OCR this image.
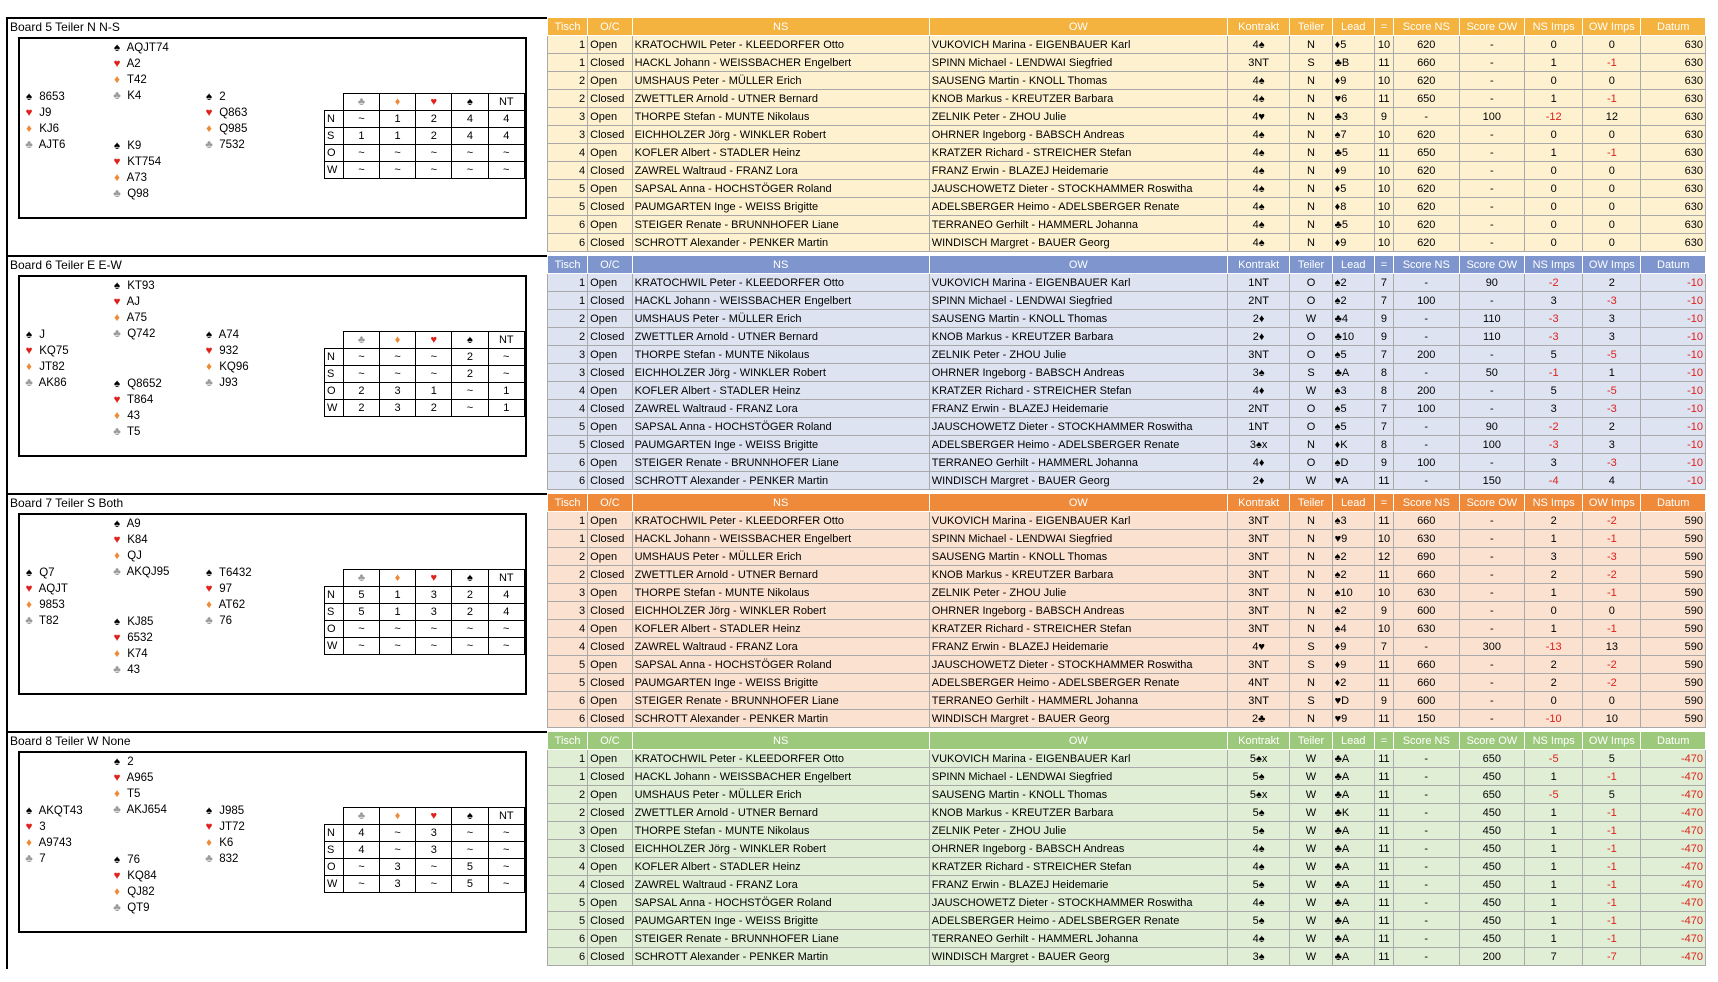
Board 5 Teiler N N-S
♠ AQJT74
♥ A2
♦ T42
♣ K4
♠ 8653
♥ J9
♦ KJ6
♣ AJT6
♠ 2
♥ Q863
♦ Q985
♣ 7532
♠ K9
♥ KT754
♦ A73
♣ Q98
	♣	♦	♥	♠	NT
N	~	1	2	4	4
S	1	1	2	4	4
O	~	~	~	~	~
W	~	~	~	~	~
Tisch	O/C	NS	OW	Kontrakt	Teiler	Lead	=	Score NS	Score OW	NS Imps	OW Imps	Datum
1	Open	KRATOCHWIL Peter - KLEEDORFER Otto	VUKOVICH Marina - EIGENBAUER Karl	4♠	N	♦5	10	620	-	0	0	630
1	Closed	HACKL Johann - WEISSBACHER Engelbert	SPINN Michael - LENDWAI Siegfried	3NT	S	♣B	11	660	-	1	-1	630
2	Open	UMSHAUS Peter - MÜLLER Erich	SAUSENG Martin - KNOLL Thomas	4♠	N	♦9	10	620	-	0	0	630
2	Closed	ZWETTLER Arnold - UTNER Bernard	KNOB Markus - KREUTZER Barbara	4♠	N	♥6	11	650	-	1	-1	630
3	Open	THORPE Stefan - MUNTE Nikolaus	ZELNIK Peter - ZHOU Julie	4♥	N	♣3	9	-	100	-12	12	630
3	Closed	EICHHOLZER Jörg - WINKLER Robert	OHRNER Ingeborg - BABSCH Andreas	4♠	N	♠7	10	620	-	0	0	630
4	Open	KOFLER Albert - STADLER Heinz	KRATZER Richard - STREICHER Stefan	4♠	N	♣5	11	650	-	1	-1	630
4	Closed	ZAWREL Waltraud - FRANZ Lora	FRANZ Erwin - BLAZEJ Heidemarie	4♠	N	♦9	10	620	-	0	0	630
5	Open	SAPSAL Anna - HOCHSTÖGER Roland	JAUSCHOWETZ Dieter - STOCKHAMMER Roswitha	4♠	N	♦5	10	620	-	0	0	630
5	Closed	PAUMGARTEN Inge - WEISS Brigitte	ADELSBERGER Heimo - ADELSBERGER Renate	4♠	N	♦8	10	620	-	0	0	630
6	Open	STEIGER Renate - BRUNNHOFER Liane	TERRANEO Gerhilt - HAMMERL Johanna	4♠	N	♣5	10	620	-	0	0	630
6	Closed	SCHROTT Alexander - PENKER Martin	WINDISCH Margret - BAUER Georg	4♠	N	♦9	10	620	-	0	0	630
Board 6 Teiler E E-W
♠ KT93
♥ AJ
♦ A75
♣ Q742
♠ J
♥ KQ75
♦ JT82
♣ AK86
♠ A74
♥ 932
♦ KQ96
♣ J93
♠ Q8652
♥ T864
♦ 43
♣ T5
	♣	♦	♥	♠	NT
N	~	~	~	2	~
S	~	~	~	2	~
O	2	3	1	~	1
W	2	3	2	~	1
Tisch	O/C	NS	OW	Kontrakt	Teiler	Lead	=	Score NS	Score OW	NS Imps	OW Imps	Datum
1	Open	KRATOCHWIL Peter - KLEEDORFER Otto	VUKOVICH Marina - EIGENBAUER Karl	1NT	O	♠2	7	-	90	-2	2	-10
1	Closed	HACKL Johann - WEISSBACHER Engelbert	SPINN Michael - LENDWAI Siegfried	2NT	O	♠2	7	100	-	3	-3	-10
2	Open	UMSHAUS Peter - MÜLLER Erich	SAUSENG Martin - KNOLL Thomas	2♦	W	♣4	9	-	110	-3	3	-10
2	Closed	ZWETTLER Arnold - UTNER Bernard	KNOB Markus - KREUTZER Barbara	2♦	O	♣10	9	-	110	-3	3	-10
3	Open	THORPE Stefan - MUNTE Nikolaus	ZELNIK Peter - ZHOU Julie	3NT	O	♠5	7	200	-	5	-5	-10
3	Closed	EICHHOLZER Jörg - WINKLER Robert	OHRNER Ingeborg - BABSCH Andreas	3♠	S	♣A	8	-	50	-1	1	-10
4	Open	KOFLER Albert - STADLER Heinz	KRATZER Richard - STREICHER Stefan	4♦	W	♠3	8	200	-	5	-5	-10
4	Closed	ZAWREL Waltraud - FRANZ Lora	FRANZ Erwin - BLAZEJ Heidemarie	2NT	O	♠5	7	100	-	3	-3	-10
5	Open	SAPSAL Anna - HOCHSTÖGER Roland	JAUSCHOWETZ Dieter - STOCKHAMMER Roswitha	1NT	O	♠5	7	-	90	-2	2	-10
5	Closed	PAUMGARTEN Inge - WEISS Brigitte	ADELSBERGER Heimo - ADELSBERGER Renate	3♠x	N	♦K	8	-	100	-3	3	-10
6	Open	STEIGER Renate - BRUNNHOFER Liane	TERRANEO Gerhilt - HAMMERL Johanna	4♦	O	♠D	9	100	-	3	-3	-10
6	Closed	SCHROTT Alexander - PENKER Martin	WINDISCH Margret - BAUER Georg	2♦	W	♥A	11	-	150	-4	4	-10
Board 7 Teiler S Both
♠ A9
♥ K84
♦ QJ
♣ AKQJ95
♠ Q7
♥ AQJT
♦ 9853
♣ T82
♠ T6432
♥ 97
♦ AT62
♣ 76
♠ KJ85
♥ 6532
♦ K74
♣ 43
	♣	♦	♥	♠	NT
N	5	1	3	2	4
S	5	1	3	2	4
O	~	~	~	~	~
W	~	~	~	~	~
Tisch	O/C	NS	OW	Kontrakt	Teiler	Lead	=	Score NS	Score OW	NS Imps	OW Imps	Datum
1	Open	KRATOCHWIL Peter - KLEEDORFER Otto	VUKOVICH Marina - EIGENBAUER Karl	3NT	N	♠3	11	660	-	2	-2	590
1	Closed	HACKL Johann - WEISSBACHER Engelbert	SPINN Michael - LENDWAI Siegfried	3NT	N	♥9	10	630	-	1	-1	590
2	Open	UMSHAUS Peter - MÜLLER Erich	SAUSENG Martin - KNOLL Thomas	3NT	N	♠2	12	690	-	3	-3	590
2	Closed	ZWETTLER Arnold - UTNER Bernard	KNOB Markus - KREUTZER Barbara	3NT	N	♠2	11	660	-	2	-2	590
3	Open	THORPE Stefan - MUNTE Nikolaus	ZELNIK Peter - ZHOU Julie	3NT	N	♠10	10	630	-	1	-1	590
3	Closed	EICHHOLZER Jörg - WINKLER Robert	OHRNER Ingeborg - BABSCH Andreas	3NT	N	♠2	9	600	-	0	0	590
4	Open	KOFLER Albert - STADLER Heinz	KRATZER Richard - STREICHER Stefan	3NT	N	♠4	10	630	-	1	-1	590
4	Closed	ZAWREL Waltraud - FRANZ Lora	FRANZ Erwin - BLAZEJ Heidemarie	4♥	S	♦9	7	-	300	-13	13	590
5	Open	SAPSAL Anna - HOCHSTÖGER Roland	JAUSCHOWETZ Dieter - STOCKHAMMER Roswitha	3NT	S	♦9	11	660	-	2	-2	590
5	Closed	PAUMGARTEN Inge - WEISS Brigitte	ADELSBERGER Heimo - ADELSBERGER Renate	4NT	N	♦2	11	660	-	2	-2	590
6	Open	STEIGER Renate - BRUNNHOFER Liane	TERRANEO Gerhilt - HAMMERL Johanna	3NT	S	♥D	9	600	-	0	0	590
6	Closed	SCHROTT Alexander - PENKER Martin	WINDISCH Margret - BAUER Georg	2♣	N	♥9	11	150	-	-10	10	590
Board 8 Teiler W None
♠ 2
♥ A965
♦ T5
♣ AKJ654
♠ AKQT43
♥ 3
♦ A9743
♣ 7
♠ J985
♥ JT72
♦ K6
♣ 832
♠ 76
♥ KQ84
♦ QJ82
♣ QT9
	♣	♦	♥	♠	NT
N	4	~	3	~	~
S	4	~	3	~	~
O	~	3	~	5	~
W	~	3	~	5	~
Tisch	O/C	NS	OW	Kontrakt	Teiler	Lead	=	Score NS	Score OW	NS Imps	OW Imps	Datum
1	Open	KRATOCHWIL Peter - KLEEDORFER Otto	VUKOVICH Marina - EIGENBAUER Karl	5♠x	W	♣A	11	-	650	-5	5	-470
1	Closed	HACKL Johann - WEISSBACHER Engelbert	SPINN Michael - LENDWAI Siegfried	5♠	W	♣A	11	-	450	1	-1	-470
2	Open	UMSHAUS Peter - MÜLLER Erich	SAUSENG Martin - KNOLL Thomas	5♠x	W	♣A	11	-	650	-5	5	-470
2	Closed	ZWETTLER Arnold - UTNER Bernard	KNOB Markus - KREUTZER Barbara	5♠	W	♣K	11	-	450	1	-1	-470
3	Open	THORPE Stefan - MUNTE Nikolaus	ZELNIK Peter - ZHOU Julie	5♠	W	♣A	11	-	450	1	-1	-470
3	Closed	EICHHOLZER Jörg - WINKLER Robert	OHRNER Ingeborg - BABSCH Andreas	4♠	W	♣A	11	-	450	1	-1	-470
4	Open	KOFLER Albert - STADLER Heinz	KRATZER Richard - STREICHER Stefan	4♠	W	♣A	11	-	450	1	-1	-470
4	Closed	ZAWREL Waltraud - FRANZ Lora	FRANZ Erwin - BLAZEJ Heidemarie	5♠	W	♣A	11	-	450	1	-1	-470
5	Open	SAPSAL Anna - HOCHSTÖGER Roland	JAUSCHOWETZ Dieter - STOCKHAMMER Roswitha	4♠	W	♣A	11	-	450	1	-1	-470
5	Closed	PAUMGARTEN Inge - WEISS Brigitte	ADELSBERGER Heimo - ADELSBERGER Renate	5♠	W	♣A	11	-	450	1	-1	-470
6	Open	STEIGER Renate - BRUNNHOFER Liane	TERRANEO Gerhilt - HAMMERL Johanna	4♠	W	♣A	11	-	450	1	-1	-470
6	Closed	SCHROTT Alexander - PENKER Martin	WINDISCH Margret - BAUER Georg	3♠	W	♣A	11	-	200	7	-7	-470
